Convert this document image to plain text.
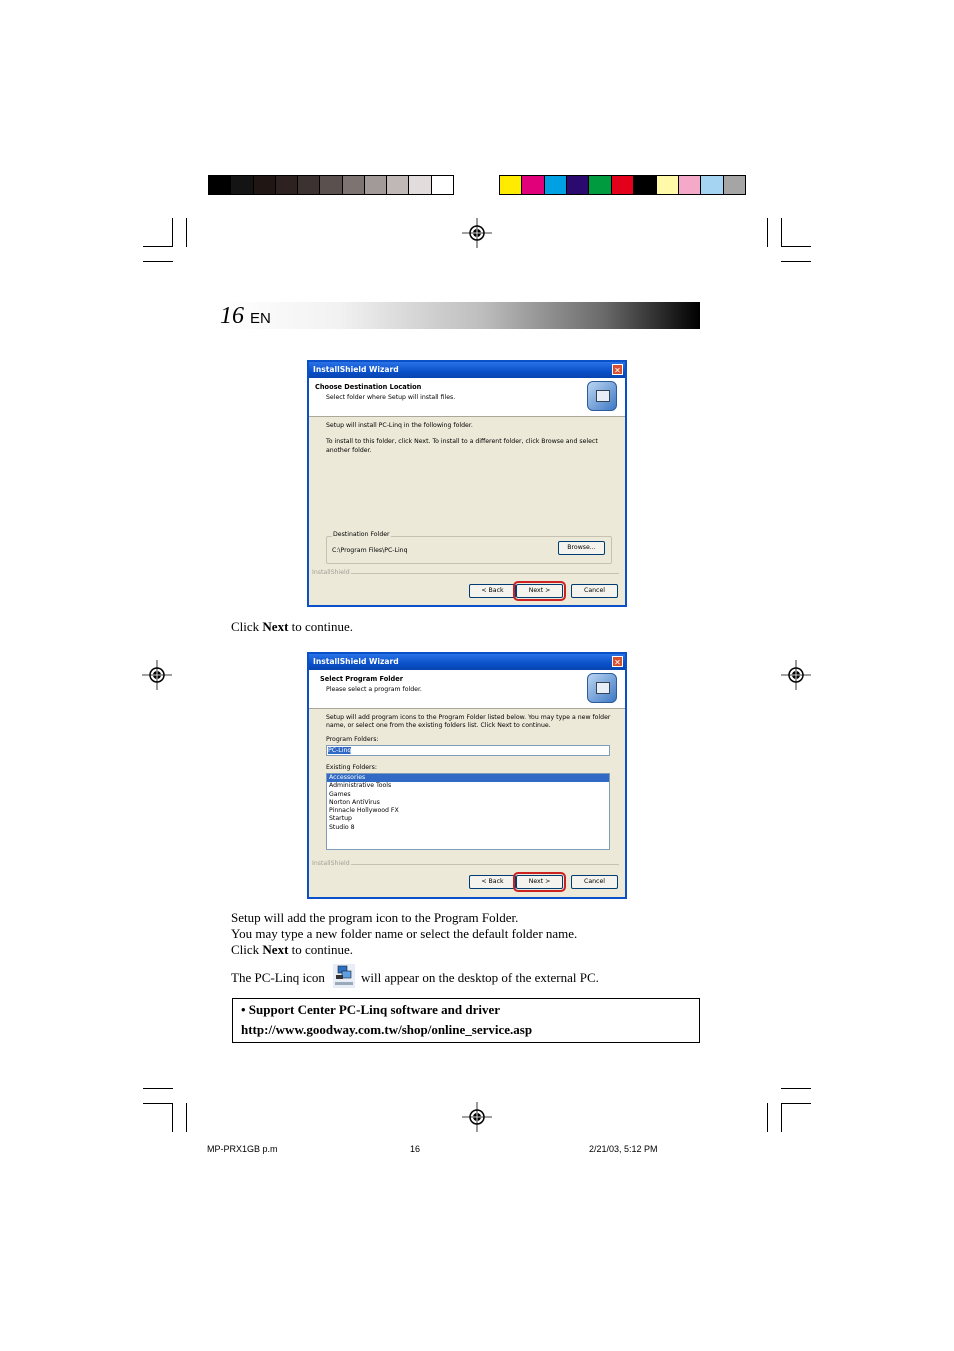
16 EN
InstallShield Wizard	✕
Choose Destination Location
Select folder where Setup will install files.
Setup will install PC-Linq in the following folder.
To install to this folder, click Next. To install to a different folder, click Browse and select
another folder.
Destination Folder
C:\Program Files\PC-Linq	Browse...
InstallShield
< Back	Next >	Cancel
Click Next to continue.
InstallShield Wizard	✕
Select Program Folder
Please select a program folder.
Setup will add program icons to the Program Folder listed below. You may type a new folder
name, or select one from the existing folders list. Click Next to continue.
Program Folders:
PC-Linq
Existing Folders:
Accessories
Administrative Tools
Games
Norton AntiVirus
Pinnacle Hollywood FX
Startup
Studio 8
InstallShield
< Back	Next >	Cancel
Setup will add the program icon to the Program Folder.
You may type a new folder name or select the default folder name.
Click Next to continue.
The PC-Linq icon	will appear on the desktop of the external PC.
• Support Center PC-Linq software and driver
http://www.goodway.com.tw/shop/online_service.asp
MP-PRX1GB p.m	16	2/21/03, 5:12 PM
